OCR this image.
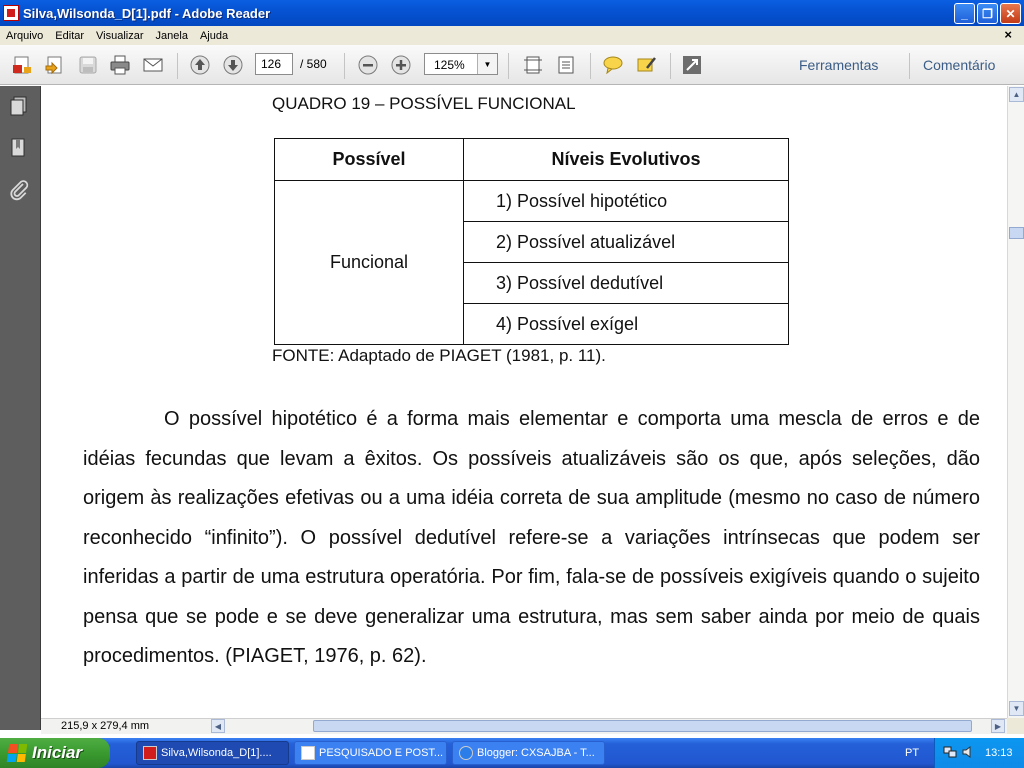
Silva,Wilsonda_D[1].pdf - Adobe Reader	_	❐	✕
Arquivo	Editar	Visualizar	Janela	Ajuda	×
126	/ 580	125%	▼	Ferramentas	Comentário
QUADRO 19 – POSSÍVEL FUNCIONAL
Possível	Níveis Evolutivos
Funcional	1) Possível hipotético
	2) Possível atualizável
	3) Possível dedutível
	4) Possível exígel
FONTE: Adaptado de PIAGET (1981, p. 11).

O possível hipotético é a forma mais elementar e comporta uma mescla de erros e de idéias fecundas que levam a êxitos. Os possíveis atualizáveis são os que, após seleções, dão origem às realizações efetivas ou a uma idéia correta de sua amplitude (mesmo no caso de número reconhecido “infinito”). O possível dedutível refere-se a variações intrínsecas que podem ser inferidas a partir de uma estrutura operatória. Por fim, fala-se de possíveis exigíveis quando o sujeito pensa que se pode e se deve generalizar uma estrutura, mas sem saber ainda por meio de quais procedimentos. (PIAGET, 1976, p. 62).

▲
▼
215,9 x 279,4 mm	◀	▶
Iniciar	Silva,Wilsonda_D[1]....	PESQUISADO E POST...	Blogger: CXSAJBA - T...	PT	13:13
